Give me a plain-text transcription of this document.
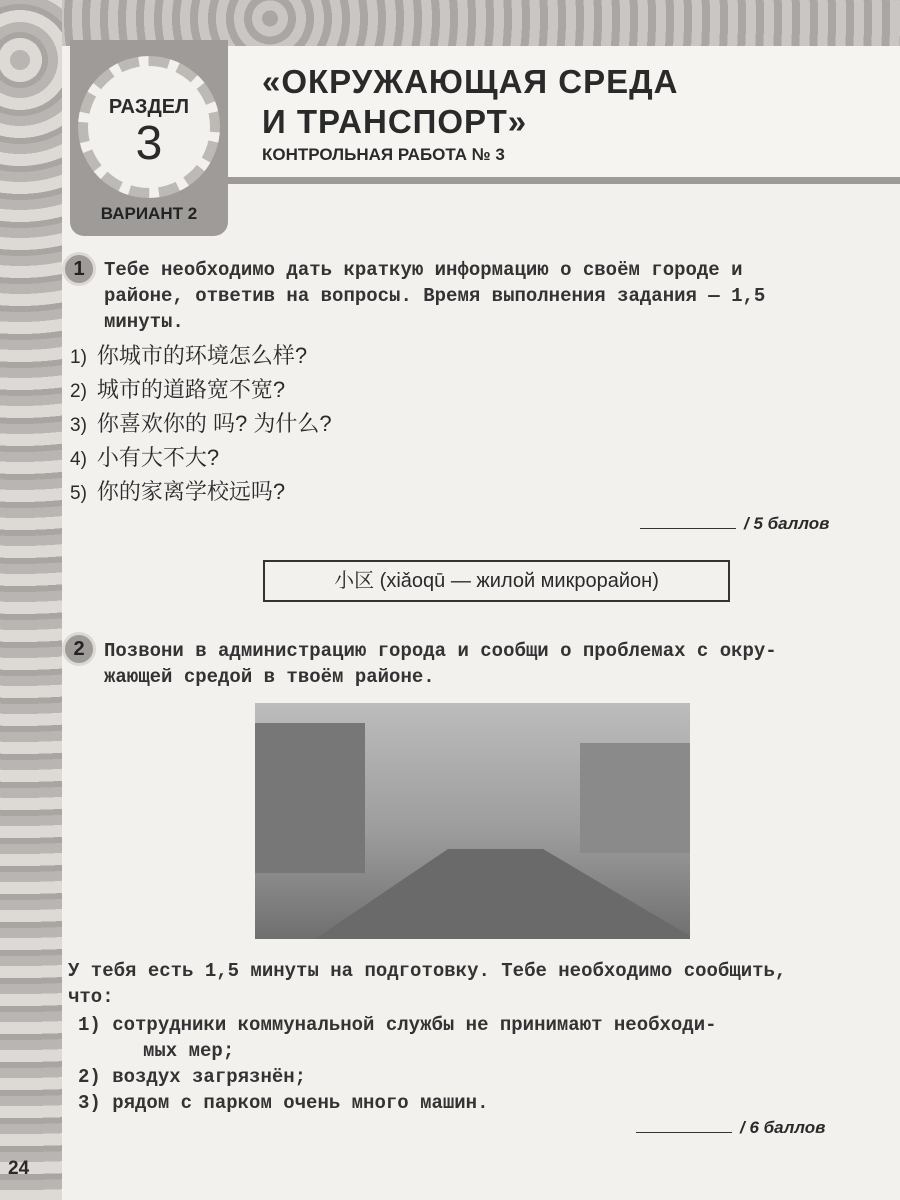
РАЗДЕЛ
3
ВАРИАНТ 2
«ОКРУЖАЮЩАЯ СРЕДА
И ТРАНСПОРТ»
КОНТРОЛЬНАЯ РАБОТА № 3
1	Тебе необходимо дать краткую информацию о своём городе и
районе, ответив на вопросы. Время выполнения задания — 1,5
минуты.
1) 你城市的环境怎么样?
2) 城市的道路宽不宽?
3) 你喜欢你的 吗? 为什么?
4) 小有大不大?
5) 你的家离学校远吗?
/ 5 баллов
小区 (xiǎoqū — жилой микрорайон)
2	Позвони в администрацию города и сообщи о проблемах с окру-
жающей средой в твоём районе.
У тебя есть 1,5 минуты на подготовку. Тебе необходимо сообщить,
что:
1) сотрудники коммунальной службы не принимают необходи-
мых мер;
2) воздух загрязнён;
3) рядом с парком очень много машин.
/ 6 баллов
24
